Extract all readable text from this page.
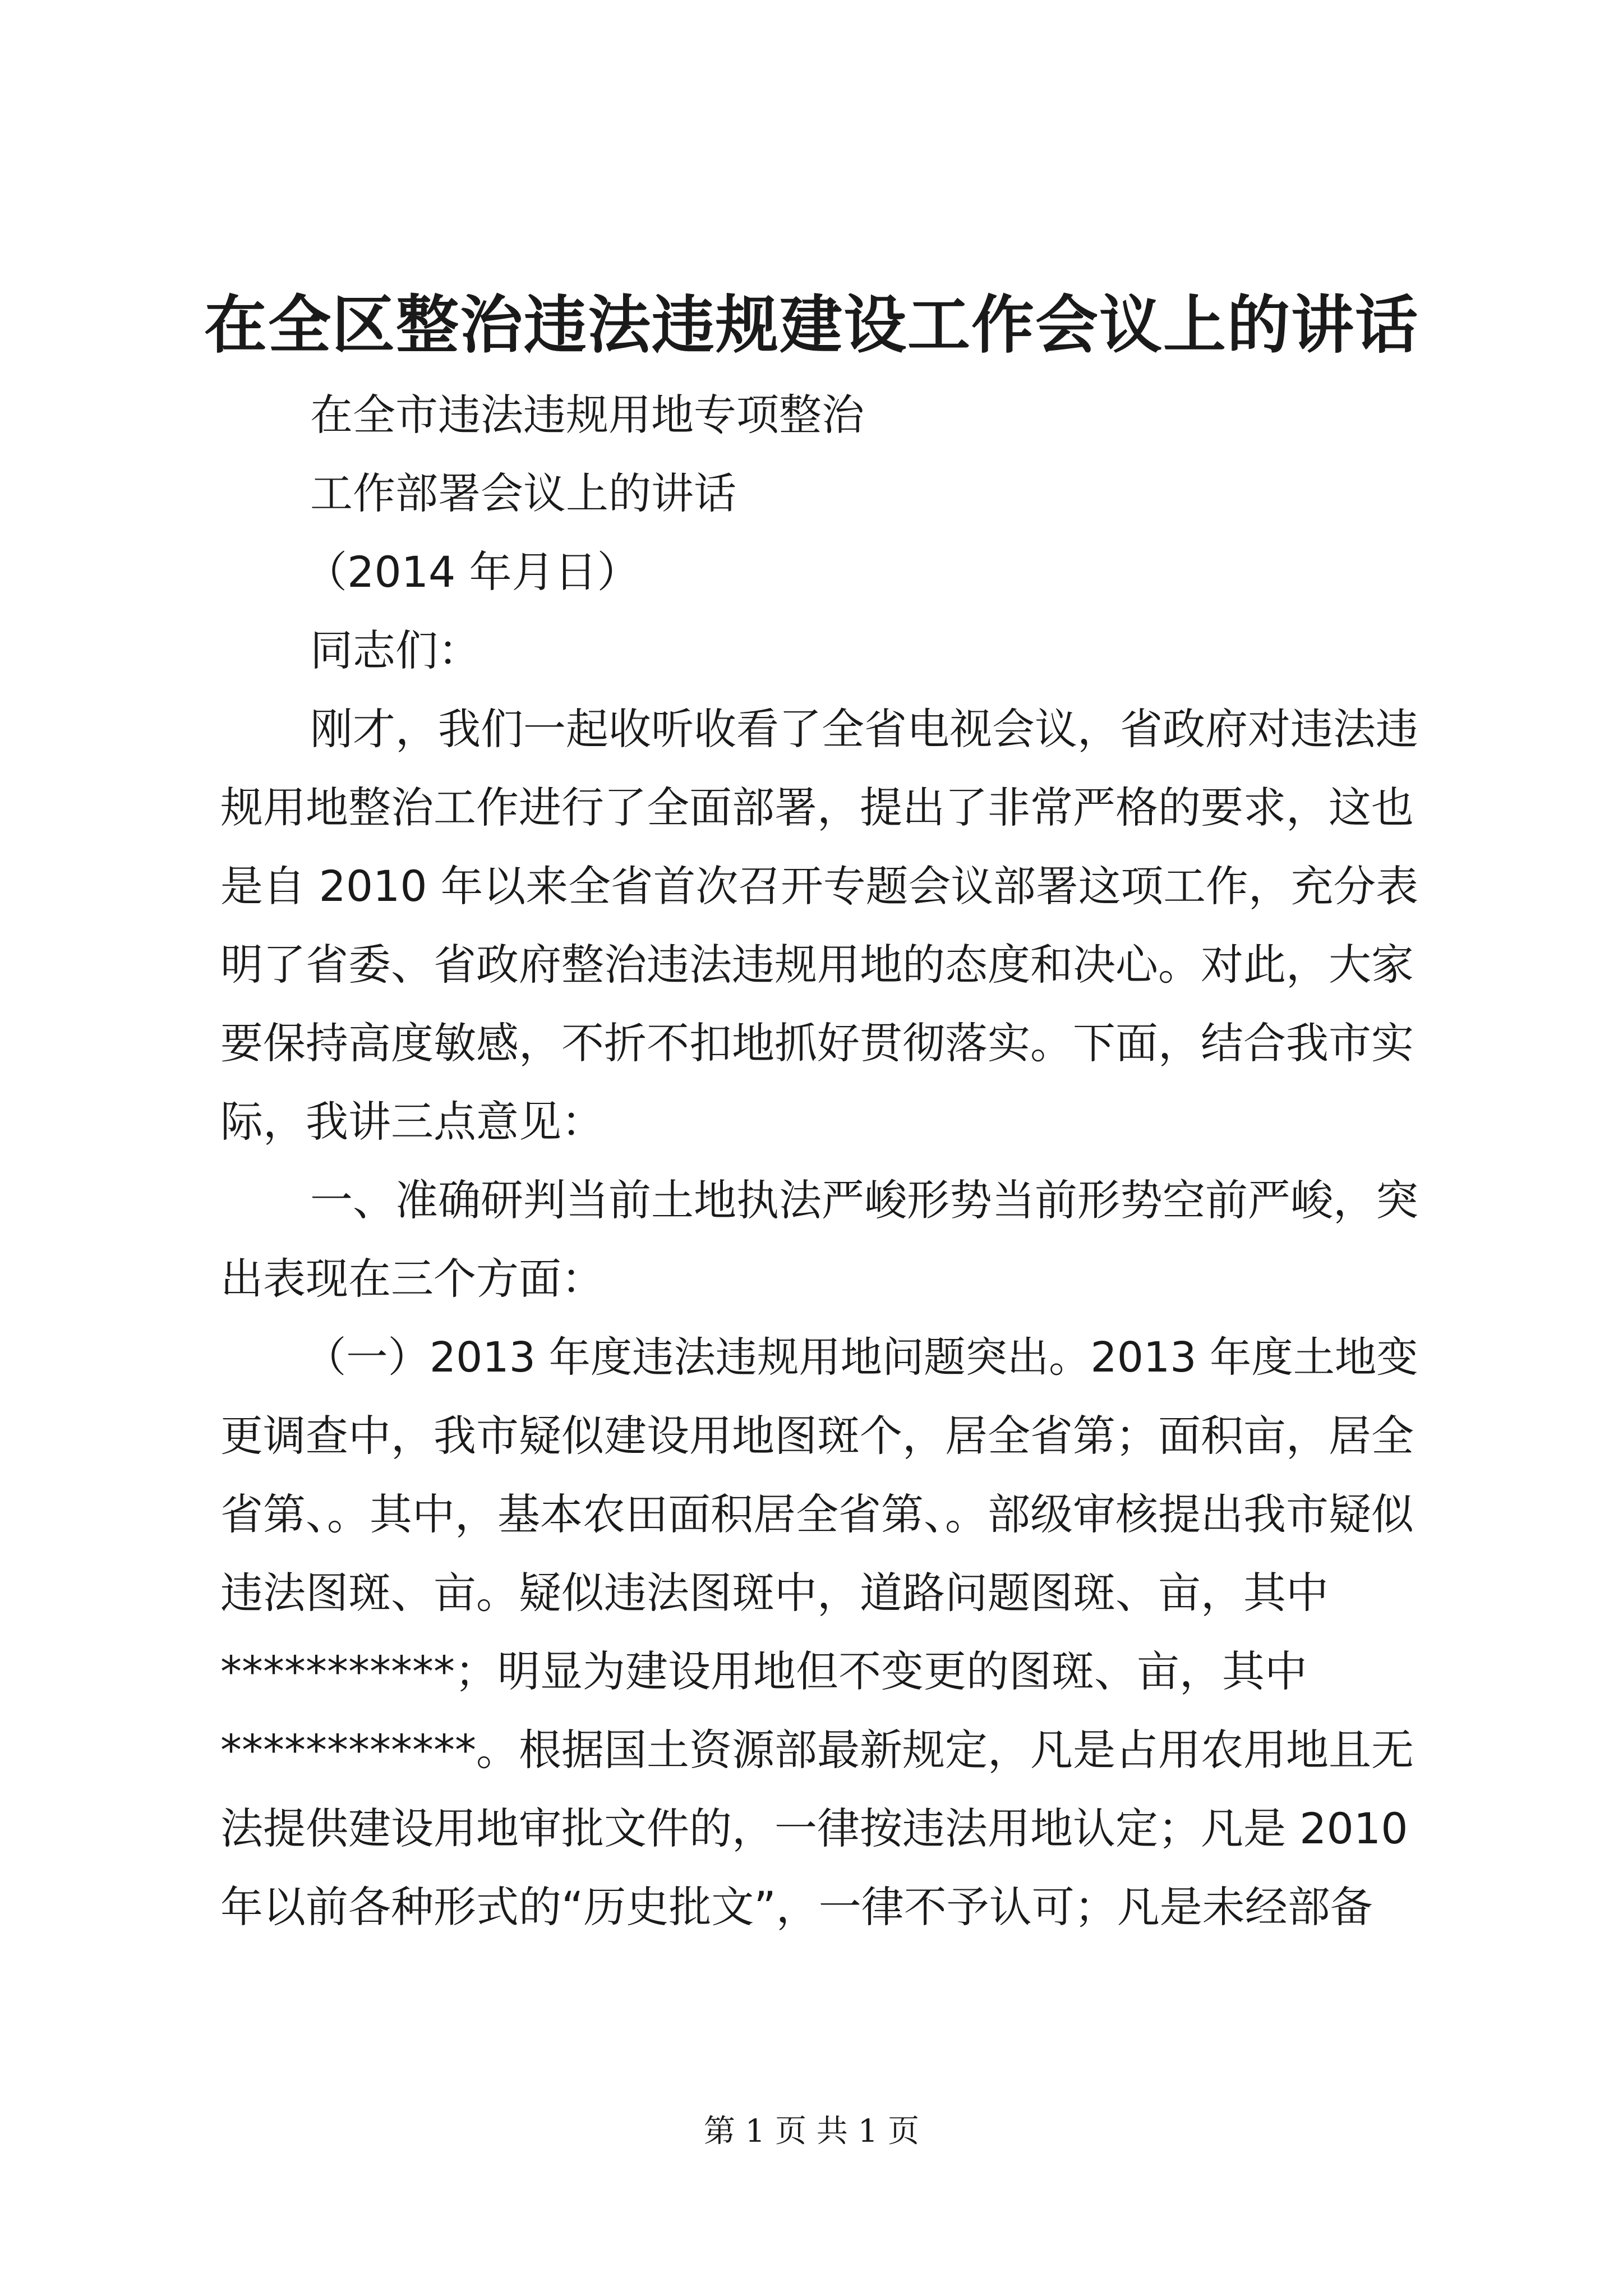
在全区整治违法违规建设工作会议上的讲话
在全市违法违规用地专项整治
工作部署会议上的讲话
（2014 年月日）
同志们：
刚才，我们一起收听收看了全省电视会议，省政府对违法违
规用地整治工作进行了全面部署，提出了非常严格的要求，这也
是自 2010 年以来全省首次召开专题会议部署这项工作，充分表
明了省委、省政府整治违法违规用地的态度和决心。对此，大家
要保持高度敏感，不折不扣地抓好贯彻落实。下面，结合我市实
际，我讲三点意见：
一、准确研判当前土地执法严峻形势当前形势空前严峻，突
出表现在三个方面：
（一）2013 年度违法违规用地问题突出。2013 年度土地变
更调查中，我市疑似建设用地图斑个，居全省第；面积亩，居全
省第、。其中，基本农田面积居全省第、。部级审核提出我市疑似
违法图斑、亩。疑似违法图斑中，道路问题图斑、亩，其中
***********；明显为建设用地但不变更的图斑、亩，其中
************。根据国土资源部最新规定，凡是占用农用地且无
法提供建设用地审批文件的，一律按违法用地认定；凡是 2010
年以前各种形式的“历史批文”，一律不予认可；凡是未经部备
第 1 页 共 1 页
